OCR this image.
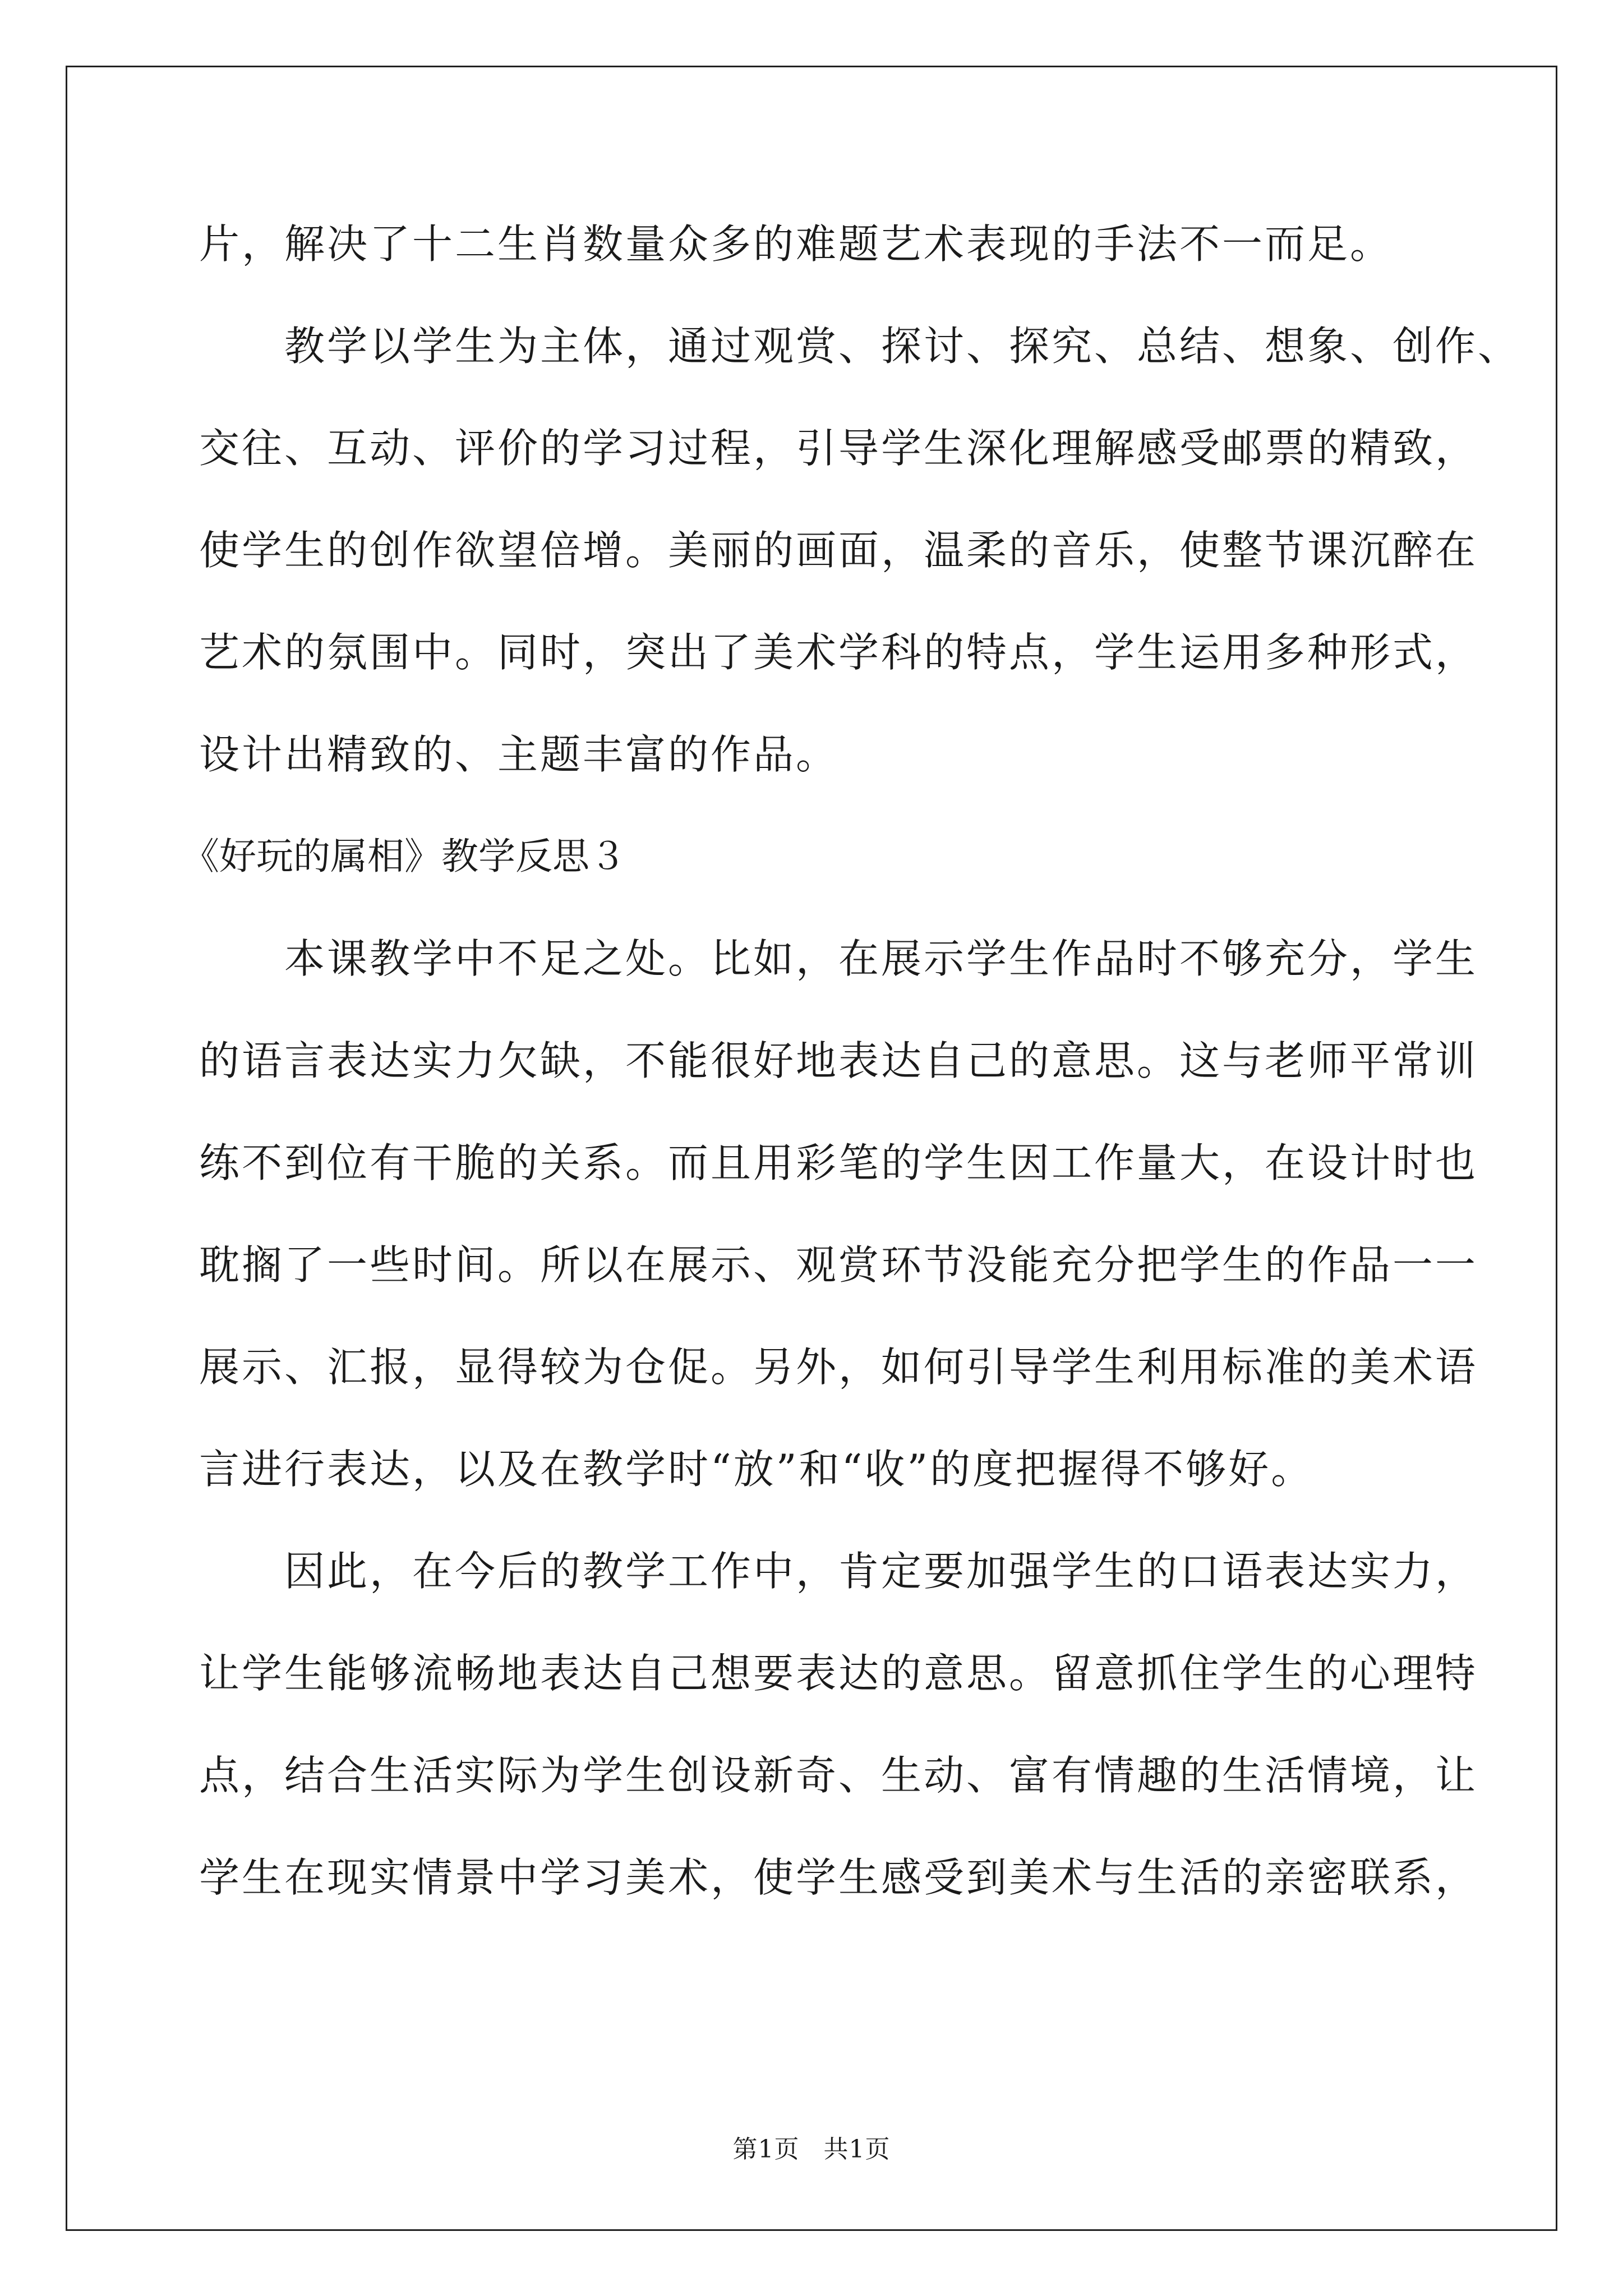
片，解决了十二生肖数量众多的难题艺术表现的手法不一而足。
　　教学以学生为主体，通过观赏、探讨、探究、总结、想象、创作、
交往、互动、评价的学习过程，引导学生深化理解感受邮票的精致，
使学生的创作欲望倍增。美丽的画面，温柔的音乐，使整节课沉醉在
艺术的氛围中。同时，突出了美术学科的特点，学生运用多种形式，
设计出精致的、主题丰富的作品。
《好玩的属相》教学反思３
　　本课教学中不足之处。比如，在展示学生作品时不够充分，学生
的语言表达实力欠缺，不能很好地表达自己的意思。这与老师平常训
练不到位有干脆的关系。而且用彩笔的学生因工作量大，在设计时也
耽搁了一些时间。所以在展示、观赏环节没能充分把学生的作品一一
展示、汇报，显得较为仓促。另外，如何引导学生利用标准的美术语
言进行表达，以及在教学时“放”和“收”的度把握得不够好。
　　因此，在今后的教学工作中，肯定要加强学生的口语表达实力，
让学生能够流畅地表达自己想要表达的意思。留意抓住学生的心理特
点，结合生活实际为学生创设新奇、生动、富有情趣的生活情境，让
学生在现实情景中学习美术，使学生感受到美术与生活的亲密联系，
第1页 共1页
